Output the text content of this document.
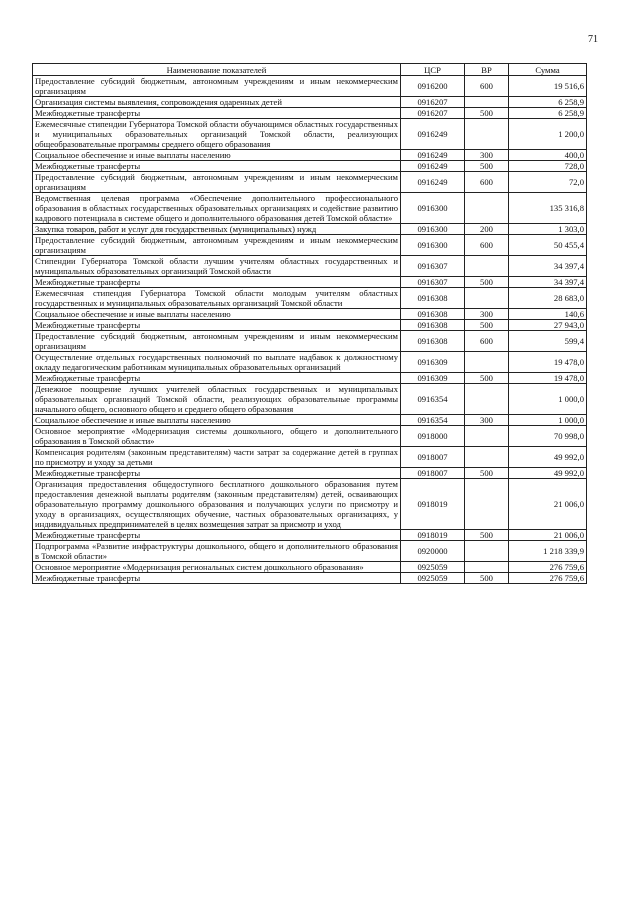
71
Наименование показателей	ЦСР	ВР	Сумма
Предоставление субсидий бюджетным, автономным учреждениям и иным некоммерческим организациям	0916200	600	19 516,6
Организация системы выявления, сопровождения одаренных детей	0916207		6 258,9
Межбюджетные трансферты	0916207	500	6 258,9
Ежемесячные стипендии Губернатора Томской области обучающимся областных государственных и муниципальных образовательных организаций Томской области, реализующих общеобразовательные программы среднего общего образования	0916249		1 200,0
Социальное обеспечение и иные выплаты населению	0916249	300	400,0
Межбюджетные трансферты	0916249	500	728,0
Предоставление субсидий бюджетным, автономным учреждениям и иным некоммерческим организациям	0916249	600	72,0
Ведомственная целевая программа «Обеспечение дополнительного профессионального образования в областных государственных образовательных организациях и содействие развитию кадрового потенциала в системе общего и дополнительного образования детей Томской области»	0916300		135 316,8
Закупка товаров, работ и услуг для государственных (муниципальных) нужд	0916300	200	1 303,0
Предоставление субсидий бюджетным, автономным учреждениям и иным некоммерческим организациям	0916300	600	50 455,4
Стипендии Губернатора Томской области лучшим учителям областных государственных и муниципальных образовательных организаций Томской области	0916307		34 397,4
Межбюджетные трансферты	0916307	500	34 397,4
Ежемесячная стипендия Губернатора Томской области молодым учителям областных государственных и муниципальных образовательных организаций Томской области	0916308		28 683,0
Социальное обеспечение и иные выплаты населению	0916308	300	140,6
Межбюджетные трансферты	0916308	500	27 943,0
Предоставление субсидий бюджетным, автономным учреждениям и иным некоммерческим организациям	0916308	600	599,4
Осуществление отдельных государственных полномочий по выплате надбавок к должностному окладу педагогическим работникам муниципальных образовательных организаций	0916309		19 478,0
Межбюджетные трансферты	0916309	500	19 478,0
Денежное поощрение лучших учителей областных государственных и муниципальных образовательных организаций Томской области, реализующих образовательные программы начального общего, основного общего и среднего общего образования	0916354		1 000,0
Социальное обеспечение и иные выплаты населению	0916354	300	1 000,0
Основное мероприятие «Модернизация системы дошкольного, общего и дополнительного образования в Томской области»	0918000		70 998,0
Компенсация родителям (законным представителям) части затрат за содержание детей в группах по присмотру и уходу за детьми	0918007		49 992,0
Межбюджетные трансферты	0918007	500	49 992,0
Организация предоставления общедоступного бесплатного дошкольного образования путем предоставления денежной выплаты родителям (законным представителям) детей, осваивающих образовательную программу дошкольного образования и получающих услуги по присмотру и уходу в организациях, осуществляющих обучение, частных образовательных организациях, у индивидуальных предпринимателей в целях возмещения затрат за присмотр и уход	0918019		21 006,0
Межбюджетные трансферты	0918019	500	21 006,0
Подпрограмма «Развитие инфраструктуры дошкольного, общего и дополнительного образования в Томской области»	0920000		1 218 339,9
Основное мероприятие «Модернизация региональных систем дошкольного образования»	0925059		276 759,6
Межбюджетные трансферты	0925059	500	276 759,6
